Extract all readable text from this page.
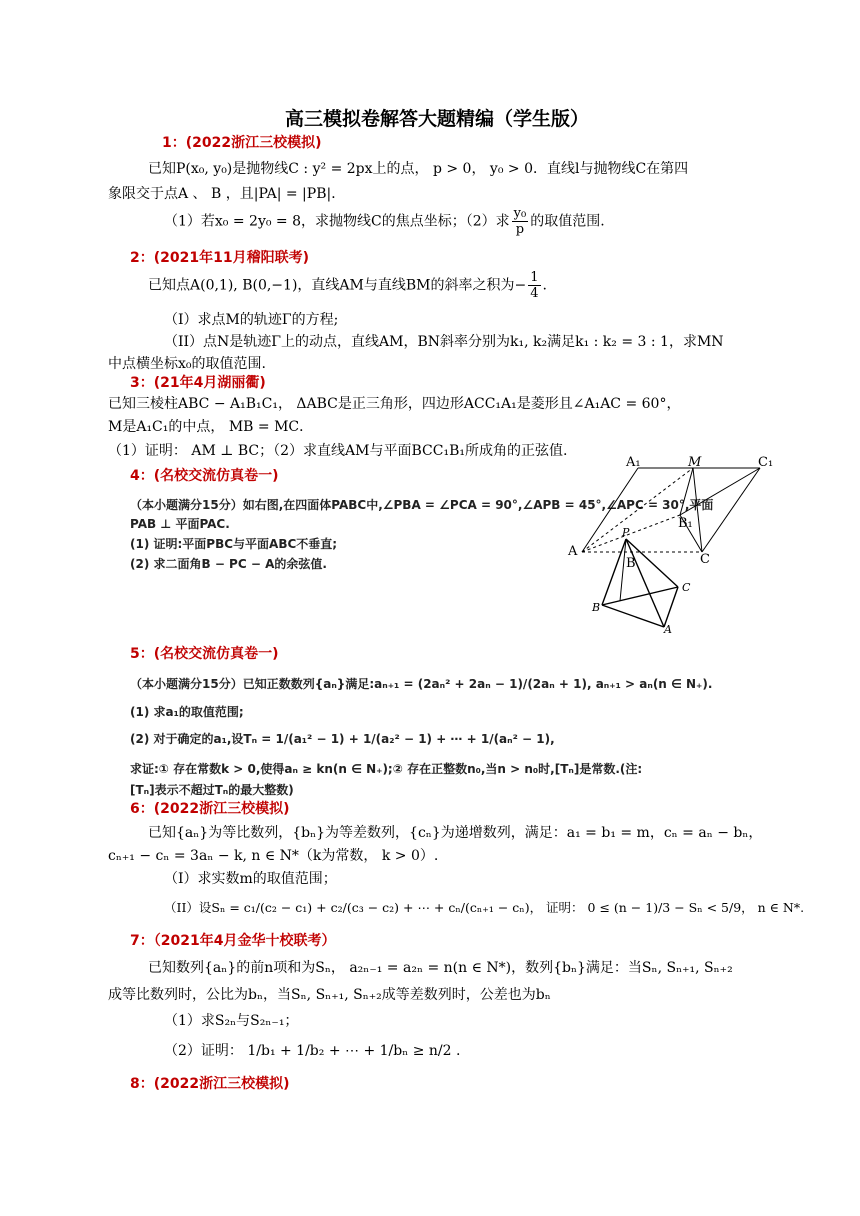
高三模拟卷解答大题精编（学生版）
1：(2022浙江三校模拟)
已知P(x₀, y₀)是抛物线C : y² = 2px上的点， p > 0， y₀ > 0．直线l与抛物线C在第四
象限交于点A 、 B ，且|PA| = |PB|．
（1）若x₀ = 2y₀ = 8，求抛物线C的焦点坐标；（2）求 $\frac{\text{y₀}}{p}$ 的取值范围.
2：(2021年11月稽阳联考)
已知点A(0,1), B(0,−1)，直线AM与直线BM的斜率之积为− $\frac{1}{4}$ .
（I）求点M的轨迹Γ的方程;
（II）点N是轨迹Γ上的动点，直线AM，BN斜率分别为k₁, k₂满足k₁ : k₂ = 3 : 1，求MN
中点横坐标x₀的取值范围.
3：(21年4月湖丽衢)
已知三棱柱ABC − A₁B₁C₁， ΔABC是正三角形，四边形ACC₁A₁是菱形且∠A₁AC = 60°，
M是A₁C₁的中点， MB = MC．
（1）证明： AM ⊥ BC；（2）求直线AM与平面BCC₁B₁所成角的正弦值.
4：(名校交流仿真卷一)
（本小题满分15分）如右图,在四面体PABC中,∠PBA = ∠PCA = 90°,∠APB = 45°,∠APC = 30°,平面
PAB ⊥ 平面PAC.
(1) 证明:平面PBC与平面ABC不垂直;
(2) 求二面角B − PC − A的余弦值.
A₁	M	C₁
B₁
A
C
B
P
C
B
A
5：(名校交流仿真卷一)
（本小题满分15分）已知正数数列{aₙ}满足:aₙ₊₁ = (2aₙ² + 2aₙ − 1)/(2aₙ + 1), aₙ₊₁ > aₙ(n ∈ N₊).
(1) 求a₁的取值范围;
(2) 对于确定的a₁,设Tₙ = 1/(a₁² − 1) + 1/(a₂² − 1) + ⋯ + 1/(aₙ² − 1),
求证:① 存在常数k > 0,使得aₙ ≥ kn(n ∈ N₊);② 存在正整数n₀,当n > n₀时,[Tₙ]是常数.(注:
[Tₙ]表示不超过Tₙ的最大整数)
6：(2022浙江三校模拟)
已知{aₙ}为等比数列，{bₙ}为等差数列，{cₙ}为递增数列，满足：a₁ = b₁ = m，cₙ = aₙ − bₙ，
cₙ₊₁ − cₙ = 3aₙ − k, n ∈ N*（k为常数， k > 0）.
（I）求实数m的取值范围；
（II）设Sₙ = c₁/(c₂ − c₁) + c₂/(c₃ − c₂) + ⋯ + cₙ/(cₙ₊₁ − cₙ)， 证明： 0 ≤ (n − 1)/3 − Sₙ < 5/9， n ∈ N*.
7：（2021年4月金华十校联考）
已知数列{aₙ}的前n项和为Sₙ， a₂ₙ₋₁ = a₂ₙ = n(n ∈ N*)，数列{bₙ}满足：当Sₙ, Sₙ₊₁, Sₙ₊₂
成等比数列时，公比为bₙ，当Sₙ, Sₙ₊₁, Sₙ₊₂成等差数列时，公差也为bₙ
（1）求S₂ₙ与S₂ₙ₋₁；
（2）证明： 1/b₁ + 1/b₂ + ⋯ + 1/bₙ ≥ n/2 .
8：(2022浙江三校模拟)
